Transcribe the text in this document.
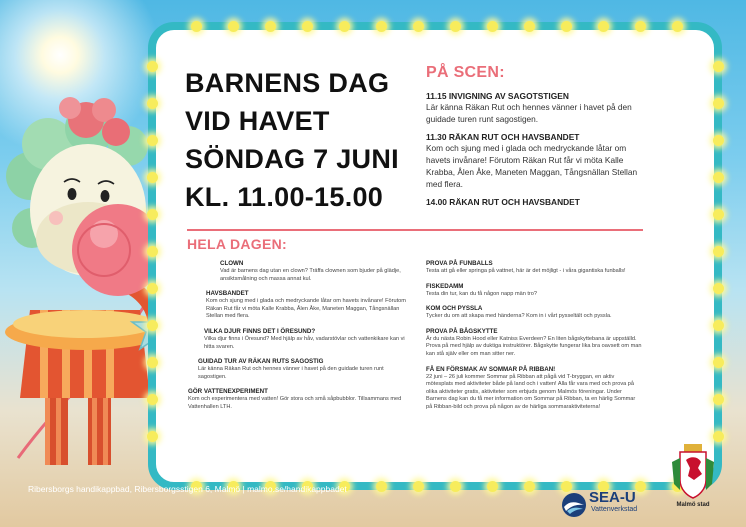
BARNENS DAG
VID HAVET
SÖNDAG 7 JUNI
KL. 11.00-15.00
PÅ SCEN:
11.15 INVIGNING AV SAGOTSTIGEN
Lär känna Räkan Rut och hennes vänner i havet på den guidade turen runt sagostigen.
11.30 RÄKAN RUT OCH HAVSBANDET
Kom och sjung med i glada och medryckande låtar om havets invånare! Förutom Räkan Rut får vi möta Kalle Krabba, Ålen Åke, Maneten Maggan, Tångsnällan Stellan med flera.
14.00 RÄKAN RUT OCH HAVSBANDET
HELA DAGEN:
CLOWN
Vad är barnens dag utan en clown? Träffa clownen som bjuder på glädje, ansiktsmålning och massa annat kul.
HAVSBANDET
Kom och sjung med i glada och medryckande låtar om havets invånare! Förutom Räkan Rut får vi möta Kalle Krabba, Ålen Åke, Maneten Maggan, Tångsnällan Stellan med flera.
VILKA DJUR FINNS DET I ÖRESUND?
Vilka djur finns i Öresund? Med hjälp av håv, vadarstövlar och vattenkikare kan vi hitta svaren.
GUIDAD TUR AV RÄKAN RUTS SAGOSTIG
Lär känna Räkan Rut och hennes vänner i havet på den guidade turen runt sagostigen.
GÖR VATTENEXPERIMENT
Kom och experimentera med vatten! Gör stora och små såpbubblor. Tillsammans med Vattenhallen LTH.
PROVA PÅ FUNBALLS
Testa att gå eller springa på vattnet, här är det möjligt - i våra gigantiska funballs!
FISKEDAMM
Testa din tur, kan du få någon napp män tro?
KOM OCH PYSSLA
Tycker du om att skapa med händerna? Kom in i vårt pysseltält och pyssla.
PROVA PÅ BÅGSKYTTE
Är du nästa Robin Hood eller Katniss Everdeen? En liten bågskyttebana är uppställd. Prova på med hjälp av duktiga instruktörer. Bågskytte fungerar lika bra oavsett om man kan stå själv eller om man sitter ner.
FÅ EN FÖRSMAK AV SOMMAR PÅ RIBBAN!
22 juni – 26 juli kommer Sommar på Ribban att pågå vid T-bryggan, en aktiv mötesplats med aktiviteter både på land och i vatten! Alla får vara med och prova på olika aktiviteter gratis, aktiviteter som erbjuds genom Malmös föreningar. Under Barnens dag kan du få mer information om Sommar på Ribban, ta en härlig Sommar på Ribban-bild och prova på någon av de härliga sommaraktiviteterna!
Ribersborgs handikappbad, Ribersborgsstigen 6, Malmö | malmo.se/handikappbadet	SEA-U
Vattenverkstad
Malmö stad
